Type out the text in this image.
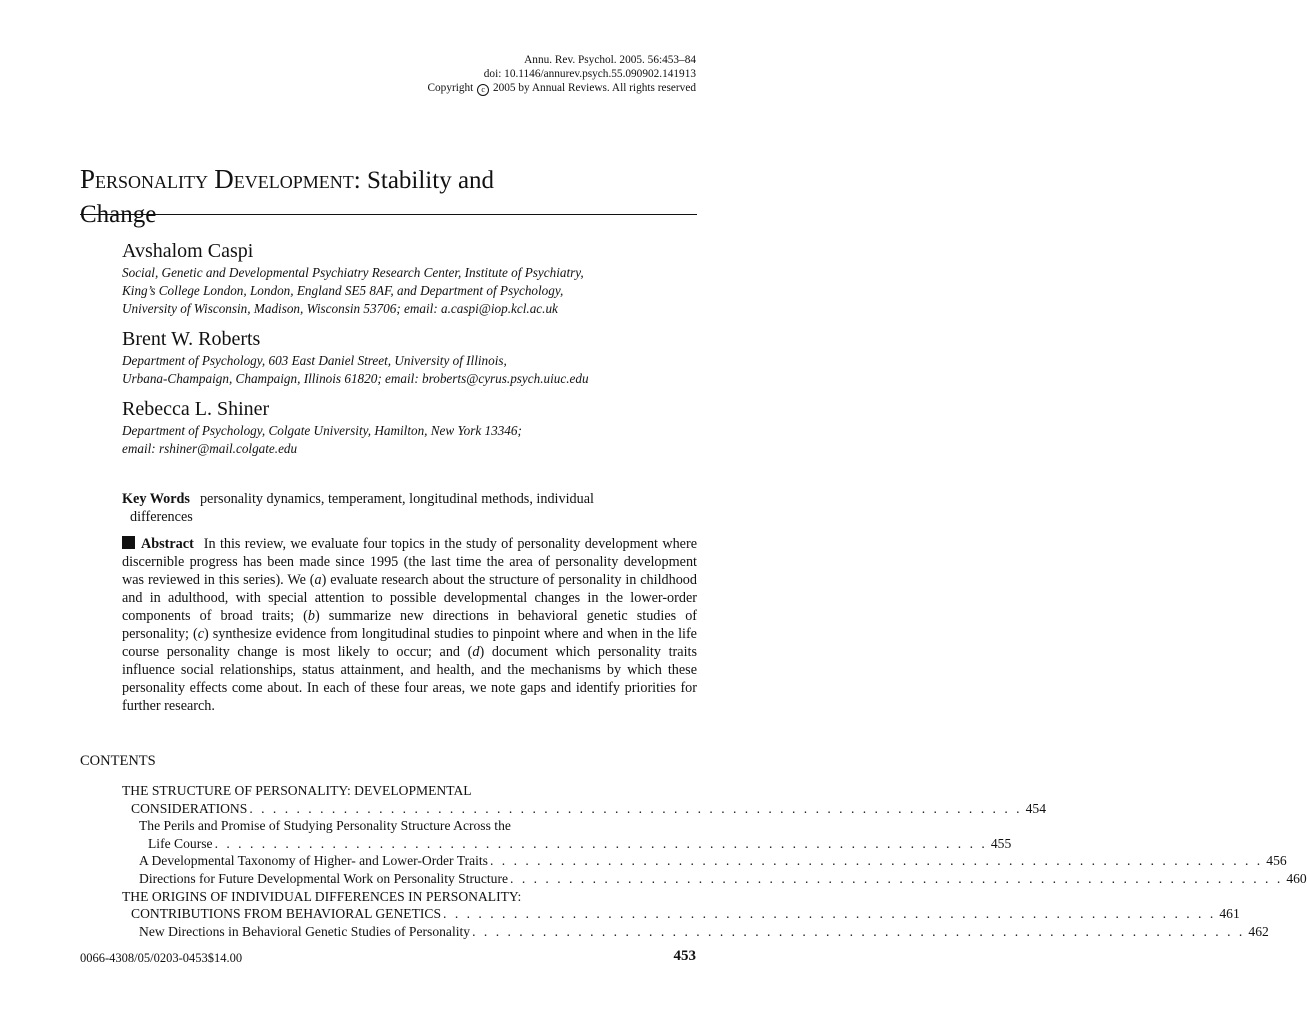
Annu. Rev. Psychol. 2005. 56:453–84
doi: 10.1146/annurev.psych.55.090902.141913
Copyright c 2005 by Annual Reviews. All rights reserved
Personality Development: Stability and
Change
Avshalom Caspi
Social, Genetic and Developmental Psychiatry Research Center, Institute of Psychiatry,
King’s College London, London, England SE5 8AF, and Department of Psychology,
University of Wisconsin, Madison, Wisconsin 53706; email: a.caspi@iop.kcl.ac.uk
Brent W. Roberts
Department of Psychology, 603 East Daniel Street, University of Illinois,
Urbana-Champaign, Champaign, Illinois 61820; email: broberts@cyrus.psych.uiuc.edu
Rebecca L. Shiner
Department of Psychology, Colgate University, Hamilton, New York 13346;
email: rshiner@mail.colgate.edu
Key Words personality dynamics, temperament, longitudinal methods, individual
differences
Abstract In this review, we evaluate four topics in the study of personality development where discernible progress has been made since 1995 (the last time the area of personality development was reviewed in this series). We (a) evaluate research about the structure of personality in childhood and in adulthood, with special attention to possible developmental changes in the lower-order components of broad traits; (b) summarize new directions in behavioral genetic studies of personality; (c) synthesize evidence from longitudinal studies to pinpoint where and when in the life course personality change is most likely to occur; and (d) document which personality traits influence social relationships, status attainment, and health, and the mechanisms by which these personality effects come about. In each of these four areas, we note gaps and identify priorities for further research.
CONTENTS
THE STRUCTURE OF PERSONALITY: DEVELOPMENTAL
CONSIDERATIONS . . . . . . . . . . . . . . . . . . . . . . . . . . . . . . . . . . . . . . . . . . . . . . . . . . . . . . . . . . . . . . . . . . 454
The Perils and Promise of Studying Personality Structure Across the
Life Course . . . . . . . . . . . . . . . . . . . . . . . . . . . . . . . . . . . . . . . . . . . . . . . . . . . . . . . . . . . . . . . . . . 455
A Developmental Taxonomy of Higher- and Lower-Order Traits . . . . . . . . . . . . . . . . . . . . . . . . . . . . . . . . . . . . . . . . . . . . . . . . . . . . . . . . . . . . . . . . . . 456
Directions for Future Developmental Work on Personality Structure . . . . . . . . . . . . . . . . . . . . . . . . . . . . . . . . . . . . . . . . . . . . . . . . . . . . . . . . . . . . . . . . . . 460
THE ORIGINS OF INDIVIDUAL DIFFERENCES IN PERSONALITY:
CONTRIBUTIONS FROM BEHAVIORAL GENETICS . . . . . . . . . . . . . . . . . . . . . . . . . . . . . . . . . . . . . . . . . . . . . . . . . . . . . . . . . . . . . . . . . . 461
New Directions in Behavioral Genetic Studies of Personality . . . . . . . . . . . . . . . . . . . . . . . . . . . . . . . . . . . . . . . . . . . . . . . . . . . . . . . . . . . . . . . . . . 462
0066-4308/05/0203-0453$14.00	453
